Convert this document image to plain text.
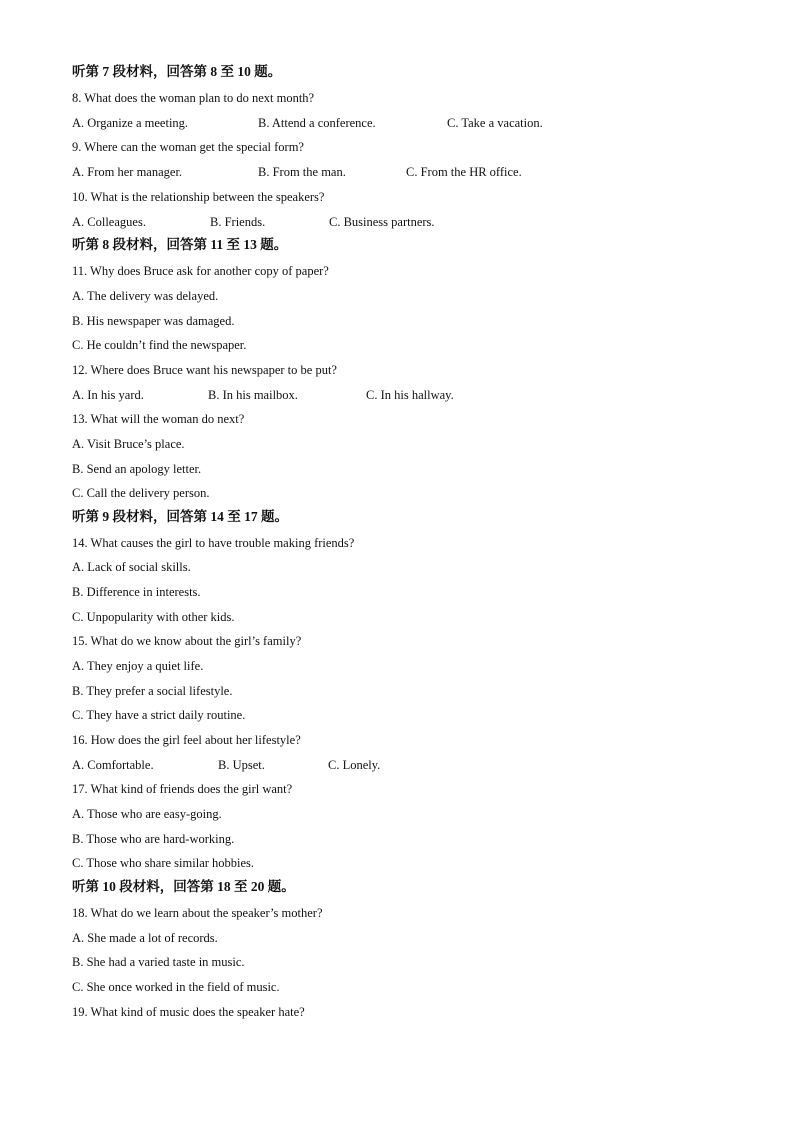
听第 7 段材料，回答第 8 至 10 题。
8. What does the woman plan to do next month?
A. Organize a meeting.	B. Attend a conference.	C. Take a vacation.
9. Where can the woman get the special form?
A. From her manager.	B. From the man.	C. From the HR office.
10. What is the relationship between the speakers?
A. Colleagues.	B. Friends.	C. Business partners.
听第 8 段材料，回答第 11 至 13 题。
11. Why does Bruce ask for another copy of paper?
A. The delivery was delayed.
B. His newspaper was damaged.
C. He couldn’t find the newspaper.
12. Where does Bruce want his newspaper to be put?
A. In his yard.	B. In his mailbox.	C. In his hallway.
13. What will the woman do next?
A. Visit Bruce’s place.
B. Send an apology letter.
C. Call the delivery person.
听第 9 段材料，回答第 14 至 17 题。
14. What causes the girl to have trouble making friends?
A. Lack of social skills.
B. Difference in interests.
C. Unpopularity with other kids.
15. What do we know about the girl’s family?
A. They enjoy a quiet life.
B. They prefer a social lifestyle.
C. They have a strict daily routine.
16. How does the girl feel about her lifestyle?
A. Comfortable.	B. Upset.	C. Lonely.
17. What kind of friends does the girl want?
A. Those who are easy-going.
B. Those who are hard-working.
C. Those who share similar hobbies.
听第 10 段材料，回答第 18 至 20 题。
18. What do we learn about the speaker’s mother?
A. She made a lot of records.
B. She had a varied taste in music.
C. She once worked in the field of music.
19. What kind of music does the speaker hate?
